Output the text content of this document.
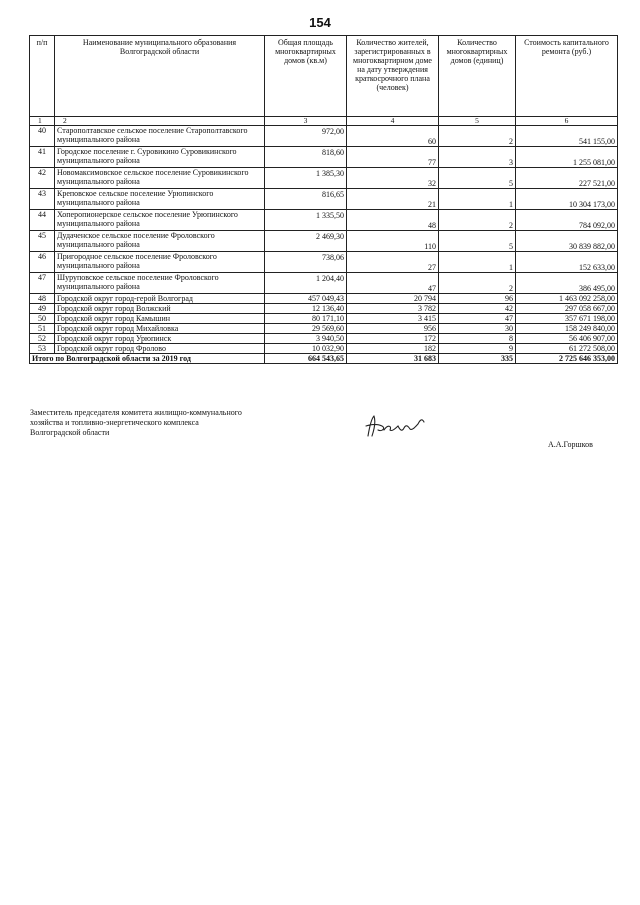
154
п/п	Наименование муниципального образования Волгоградской области	Общая площадь многоквартирных домов (кв.м)	Количество жителей, зарегистрированных в многоквартирном доме на дату утверждения краткосрочного плана (человек)	Количество многоквартирных домов (единиц)	Стоимость капитального ремонта (руб.)
1	2	3	4	5	6
40	Старополтавское сельское поселение Старополтавского муниципального района	972,00	60	2	541 155,00
41	Городское поселение г. Суровикино Суровикинского муниципального района	818,60	77	3	1 255 081,00
42	Новомаксимовское сельское поселение Суровикинского муниципального района	1 385,30	32	5	227 521,00
43	Креповское сельское поселение Урюпинского муниципального района	816,65	21	1	10 304 173,00
44	Хоперопионерское сельское поселение Урюпинского муниципального района	1 335,50	48	2	784 092,00
45	Дудаченское сельское поселение Фроловского муниципального района	2 469,30	110	5	30 839 882,00
46	Пригородное сельское поселение Фроловского муниципального района	738,06	27	1	152 633,00
47	Шуруповское сельское поселение Фроловского муниципального района	1 204,40	47	2	386 495,00
48	Городской округ город-герой Волгоград	457 049,43	20 794	96	1 463 092 258,00
49	Городской округ город Волжский	12 136,40	3 782	42	297 058 667,00
50	Городской округ город Камышин	80 171,10	3 415	47	357 671 198,00
51	Городской округ город Михайловка	29 569,60	956	30	158 249 840,00
52	Городской округ город Урюпинск	3 940,50	172	8	56 406 907,00
53	Городской округ город Фролово	10 032,90	182	9	61 272 508,00
Итого по Волгоградской области за 2019 год		664 543,65	31 683	335	2 725 646 353,00
Заместитель председателя комитета жилищно-коммунального хозяйства и топливно-энергетического комплекса Волгоградской области
А.А.Горшков
